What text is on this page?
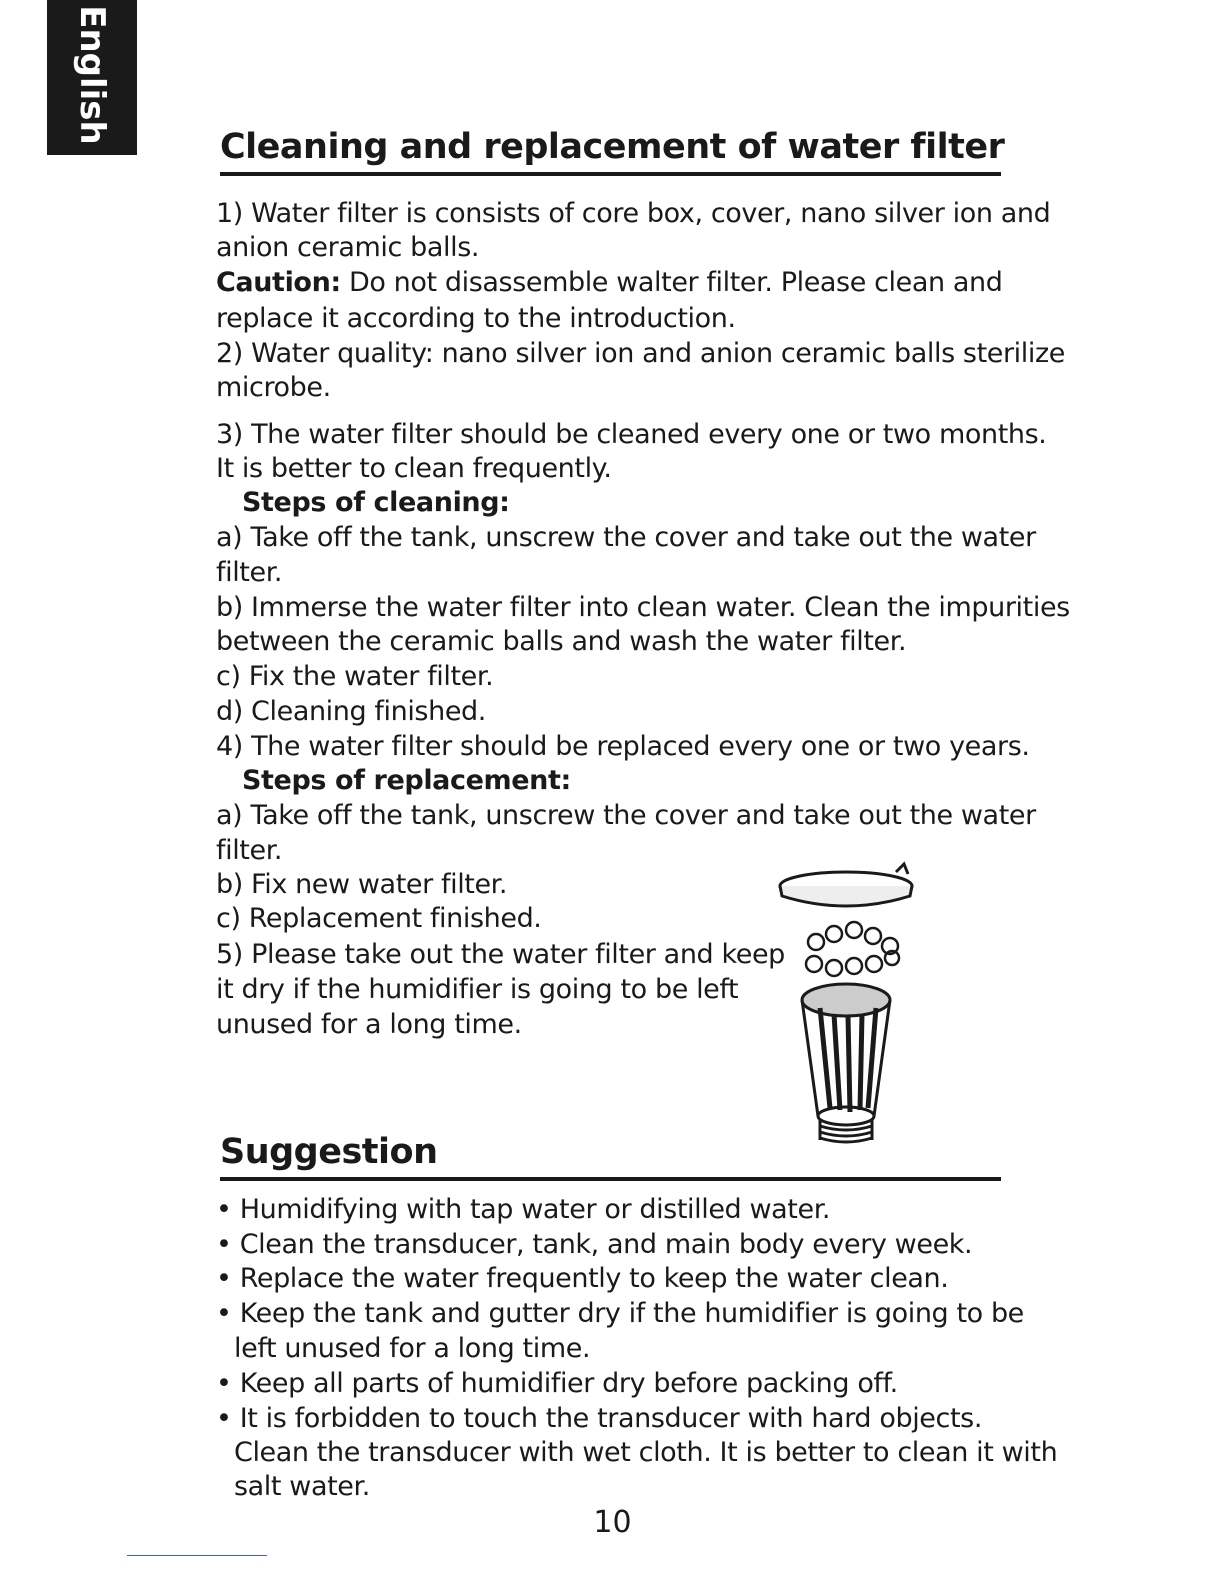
English
Cleaning and replacement of water filter

1) Water filter is consists of core box, cover, nano silver ion and

anion ceramic balls.

Caution: Do not disassemble walter filter. Please clean and

replace it according to the introduction.

2) Water quality: nano silver ion and anion ceramic balls sterilize

microbe.

3) The water filter should be cleaned every one or two months.

It is better to clean frequently.

Steps of cleaning:

a) Take off the tank, unscrew the cover and take out the water

filter.

b) Immerse the water filter into clean water. Clean the impurities

between the ceramic balls and wash the water filter.

c) Fix the water filter.

d) Cleaning finished.

4) The water filter should be replaced every one or two years.

Steps of replacement:

a) Take off the tank, unscrew the cover and take out the water

filter.

b) Fix new water filter.

c) Replacement finished.

5) Please take out the water filter and keep

it dry if the humidifier is going to be left

unused for a long time.

Suggestion

• Humidifying with tap water or distilled water.

• Clean the transducer, tank, and main body every week.

• Replace the water frequently to keep the water clean.

• Keep the tank and gutter dry if the humidifier is going to be

left unused for a long time.

• Keep all parts of humidifier dry before packing off.

• It is forbidden to touch the transducer with hard objects.

Clean the transducer with wet cloth. It is better to clean it with

salt water.

10
